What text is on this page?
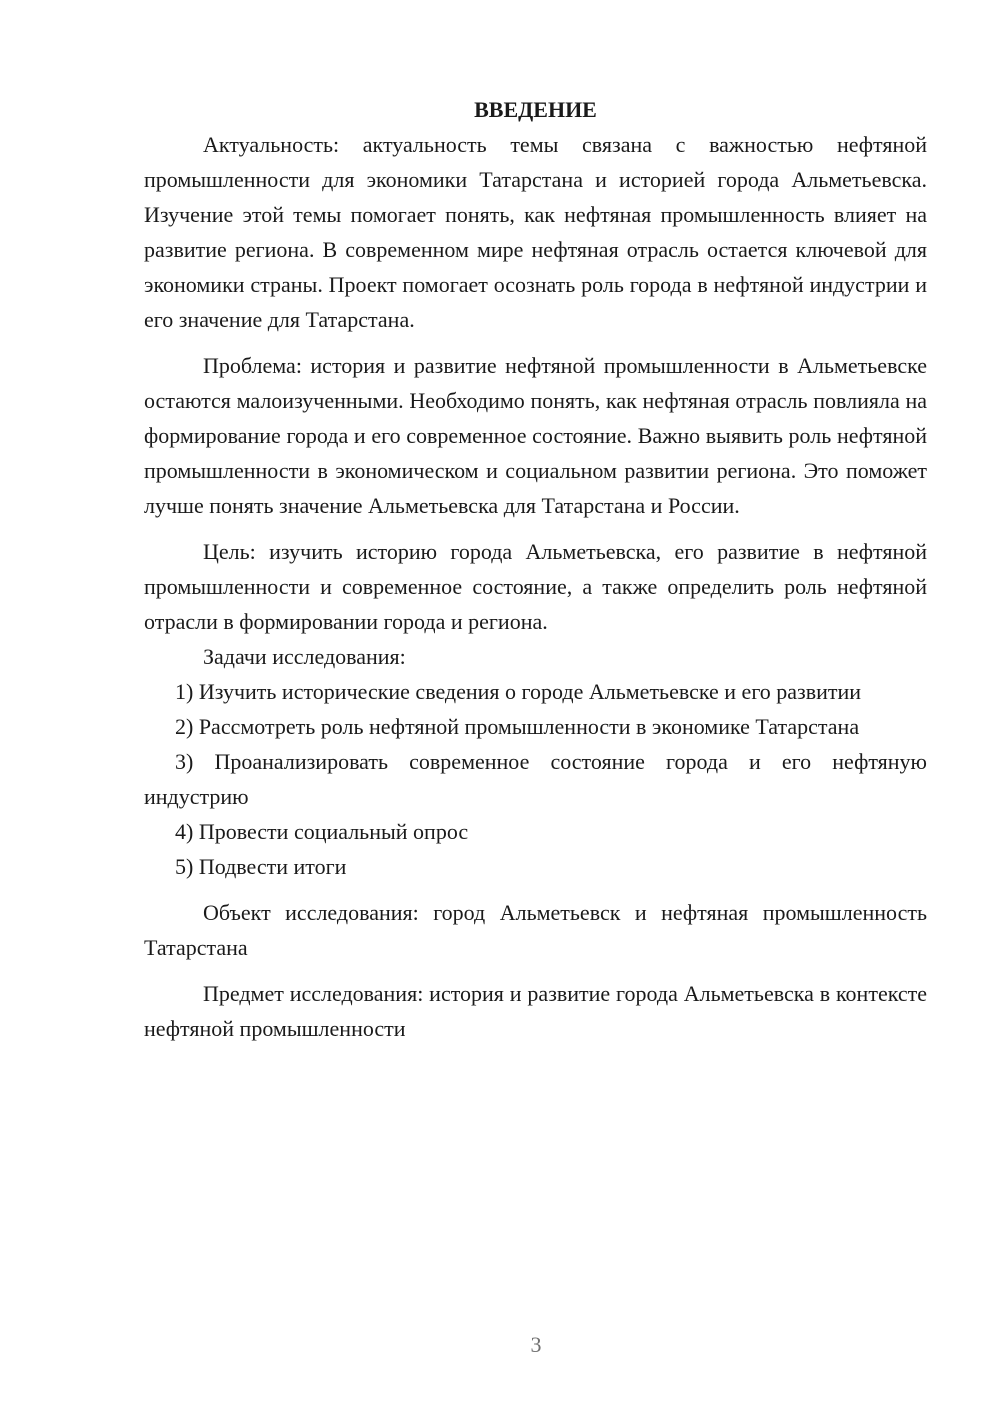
ВВЕДЕНИЕ

Актуальность: актуальность темы связана с важностью нефтяной промышленности для экономики Татарстана и историей города Альметьевска. Изучение этой темы помогает понять, как нефтяная промышленность влияет на развитие региона. В современном мире нефтяная отрасль остается ключевой для экономики страны. Проект помогает осознать роль города в нефтяной индустрии и его значение для Татарстана.

Проблема: история и развитие нефтяной промышленности в Альметьевске остаются малоизученными. Необходимо понять, как нефтяная отрасль повлияла на формирование города и его современное состояние. Важно выявить роль нефтяной промышленности в экономическом и социальном развитии региона. Это поможет лучше понять значение Альметьевска для Татарстана и России.

Цель: изучить историю города Альметьевска, его развитие в нефтяной промышленности и современное состояние, а также определить роль нефтяной отрасли в формировании города и региона.

Задачи исследования:

1) Изучить исторические сведения о городе Альметьевске и его развитии

2) Рассмотреть роль нефтяной промышленности в экономике Татарстана

3) Проанализировать современное состояние города и его нефтяную индустрию

4) Провести социальный опрос

5) Подвести итоги

Объект исследования: город Альметьевск и нефтяная промышленность Татарстана

Предмет исследования: история и развитие города Альметьевска в контексте нефтяной промышленности

3
